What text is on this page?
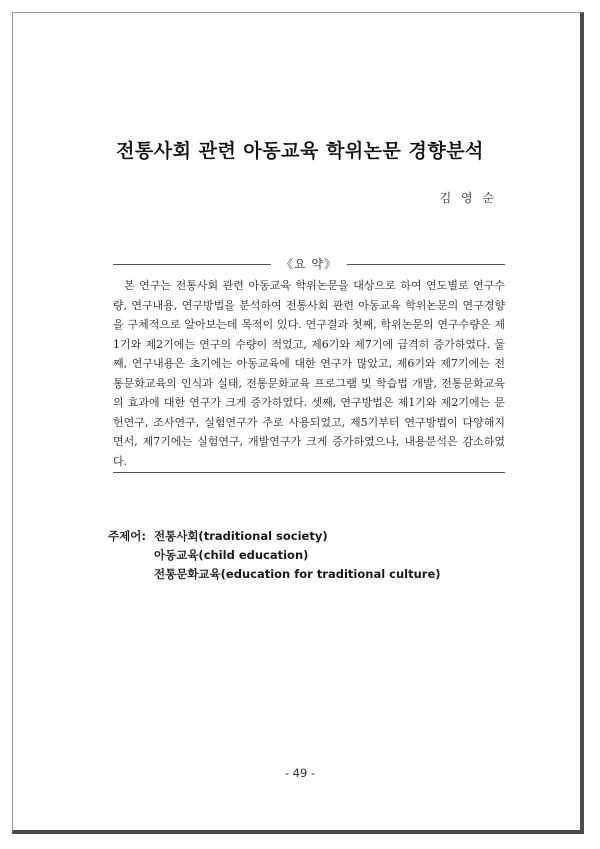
전통사회 관련 아동교육 학위논문 경향분석
김 영 순
《요 약》

본 연구는 전통사회 관련 아동교육 학위논문을 대상으로 하여 연도별로 연구수량, 연구내용, 연구방법을 분석하여 전통사회 관련 아동교육 학위논문의 연구경향을 구체적으로 알아보는데 목적이 있다. 연구결과 첫째, 학위논문의 연구수량은 제1기와 제2기에는 연구의 수량이 적었고, 제6기와 제7기에 급격히 증가하였다. 둘째, 연구내용은 초기에는 아동교육에 대한 연구가 많았고, 제6기와 제7기에는 전통문화교육의 인식과 실태, 전통문화교육 프로그램 및 학습법 개발, 전통문화교육의 효과에 대한 연구가 크게 증가하였다. 셋째, 연구방법은 제1기와 제2기에는 문헌연구, 조사연구, 실험연구가 주로 사용되었고, 제5기부터 연구방법이 다양해지면서, 제7기에는 실험연구, 개발연구가 크게 증가하였으나, 내용분석은 감소하였다.

주제어: 전통사회(traditional society)
아동교육(child education)
전통문화교육(education for traditional culture)
- 49 -
